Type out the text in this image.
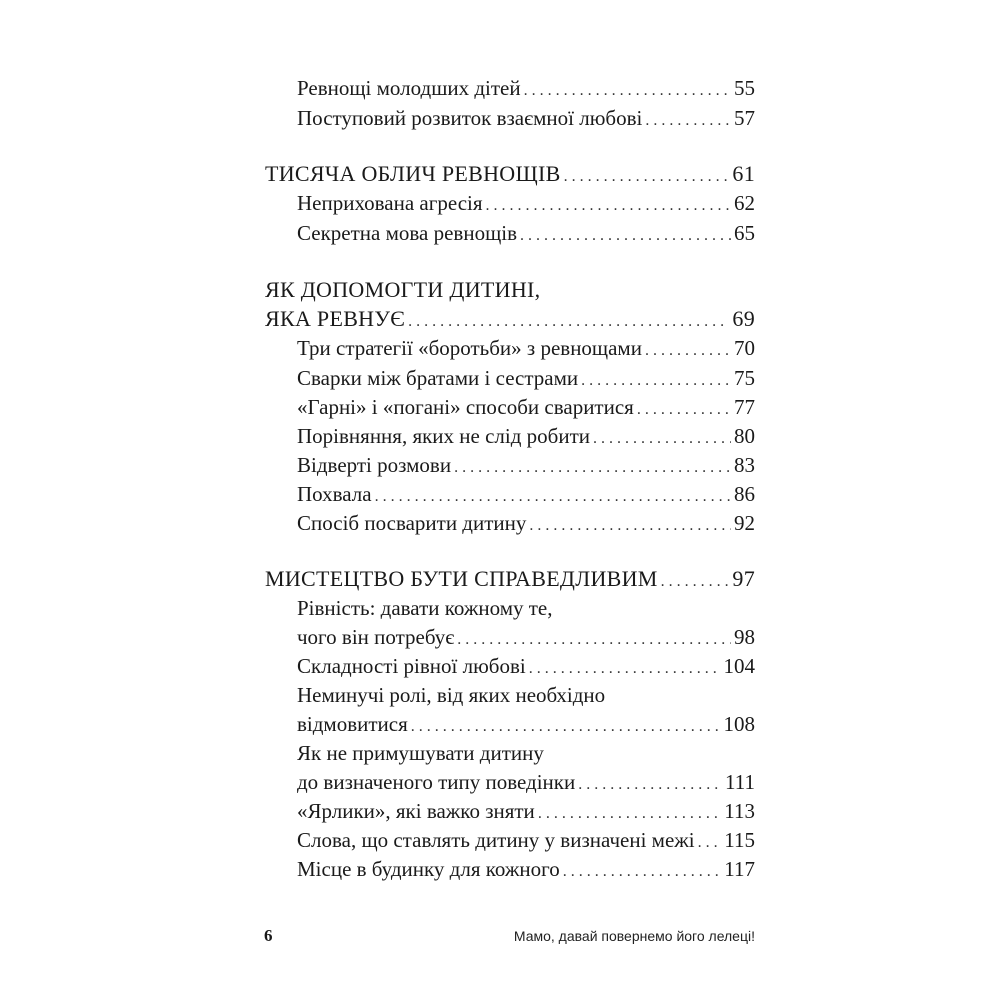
Ревнощі молодших дітей . . .	55
Поступовий розвиток взаємної любові . . .	57
ТИСЯЧА ОБЛИЧ РЕВНОЩІВ . . .	61
Неприхована агресія . . .	62
Секретна мова ревнощів . . .	65
ЯК ДОПОМОГТИ ДИТИНІ,
ЯКА РЕВНУЄ . . .	69
Три стратегії «боротьби» з ревнощами . . .	70
Сварки між братами і сестрами . . .	75
«Гарні» і «погані» способи сваритися . . .	77
Порівняння, яких не слід робити . . .	80
Відверті розмови . . .	83
Похвала . . .	86
Спосіб посварити дитину . . .	92
МИСТЕЦТВО БУТИ СПРАВЕДЛИВИМ . . .	97
Рівність: давати кожному те,
чого він потребує . . .	98
Складності рівної любові . . .	104
Неминучі ролі, від яких необхідно
відмовитися . . .	108
Як не примушувати дитину
до визначеного типу поведінки . . .	111
«Ярлики», які важко зняти . . .	113
Слова, що ставлять дитину у визначені межі . . . 115
Місце в будинку для кожного . . .	117
6	Мамо, давай повернемо його лелеці!
